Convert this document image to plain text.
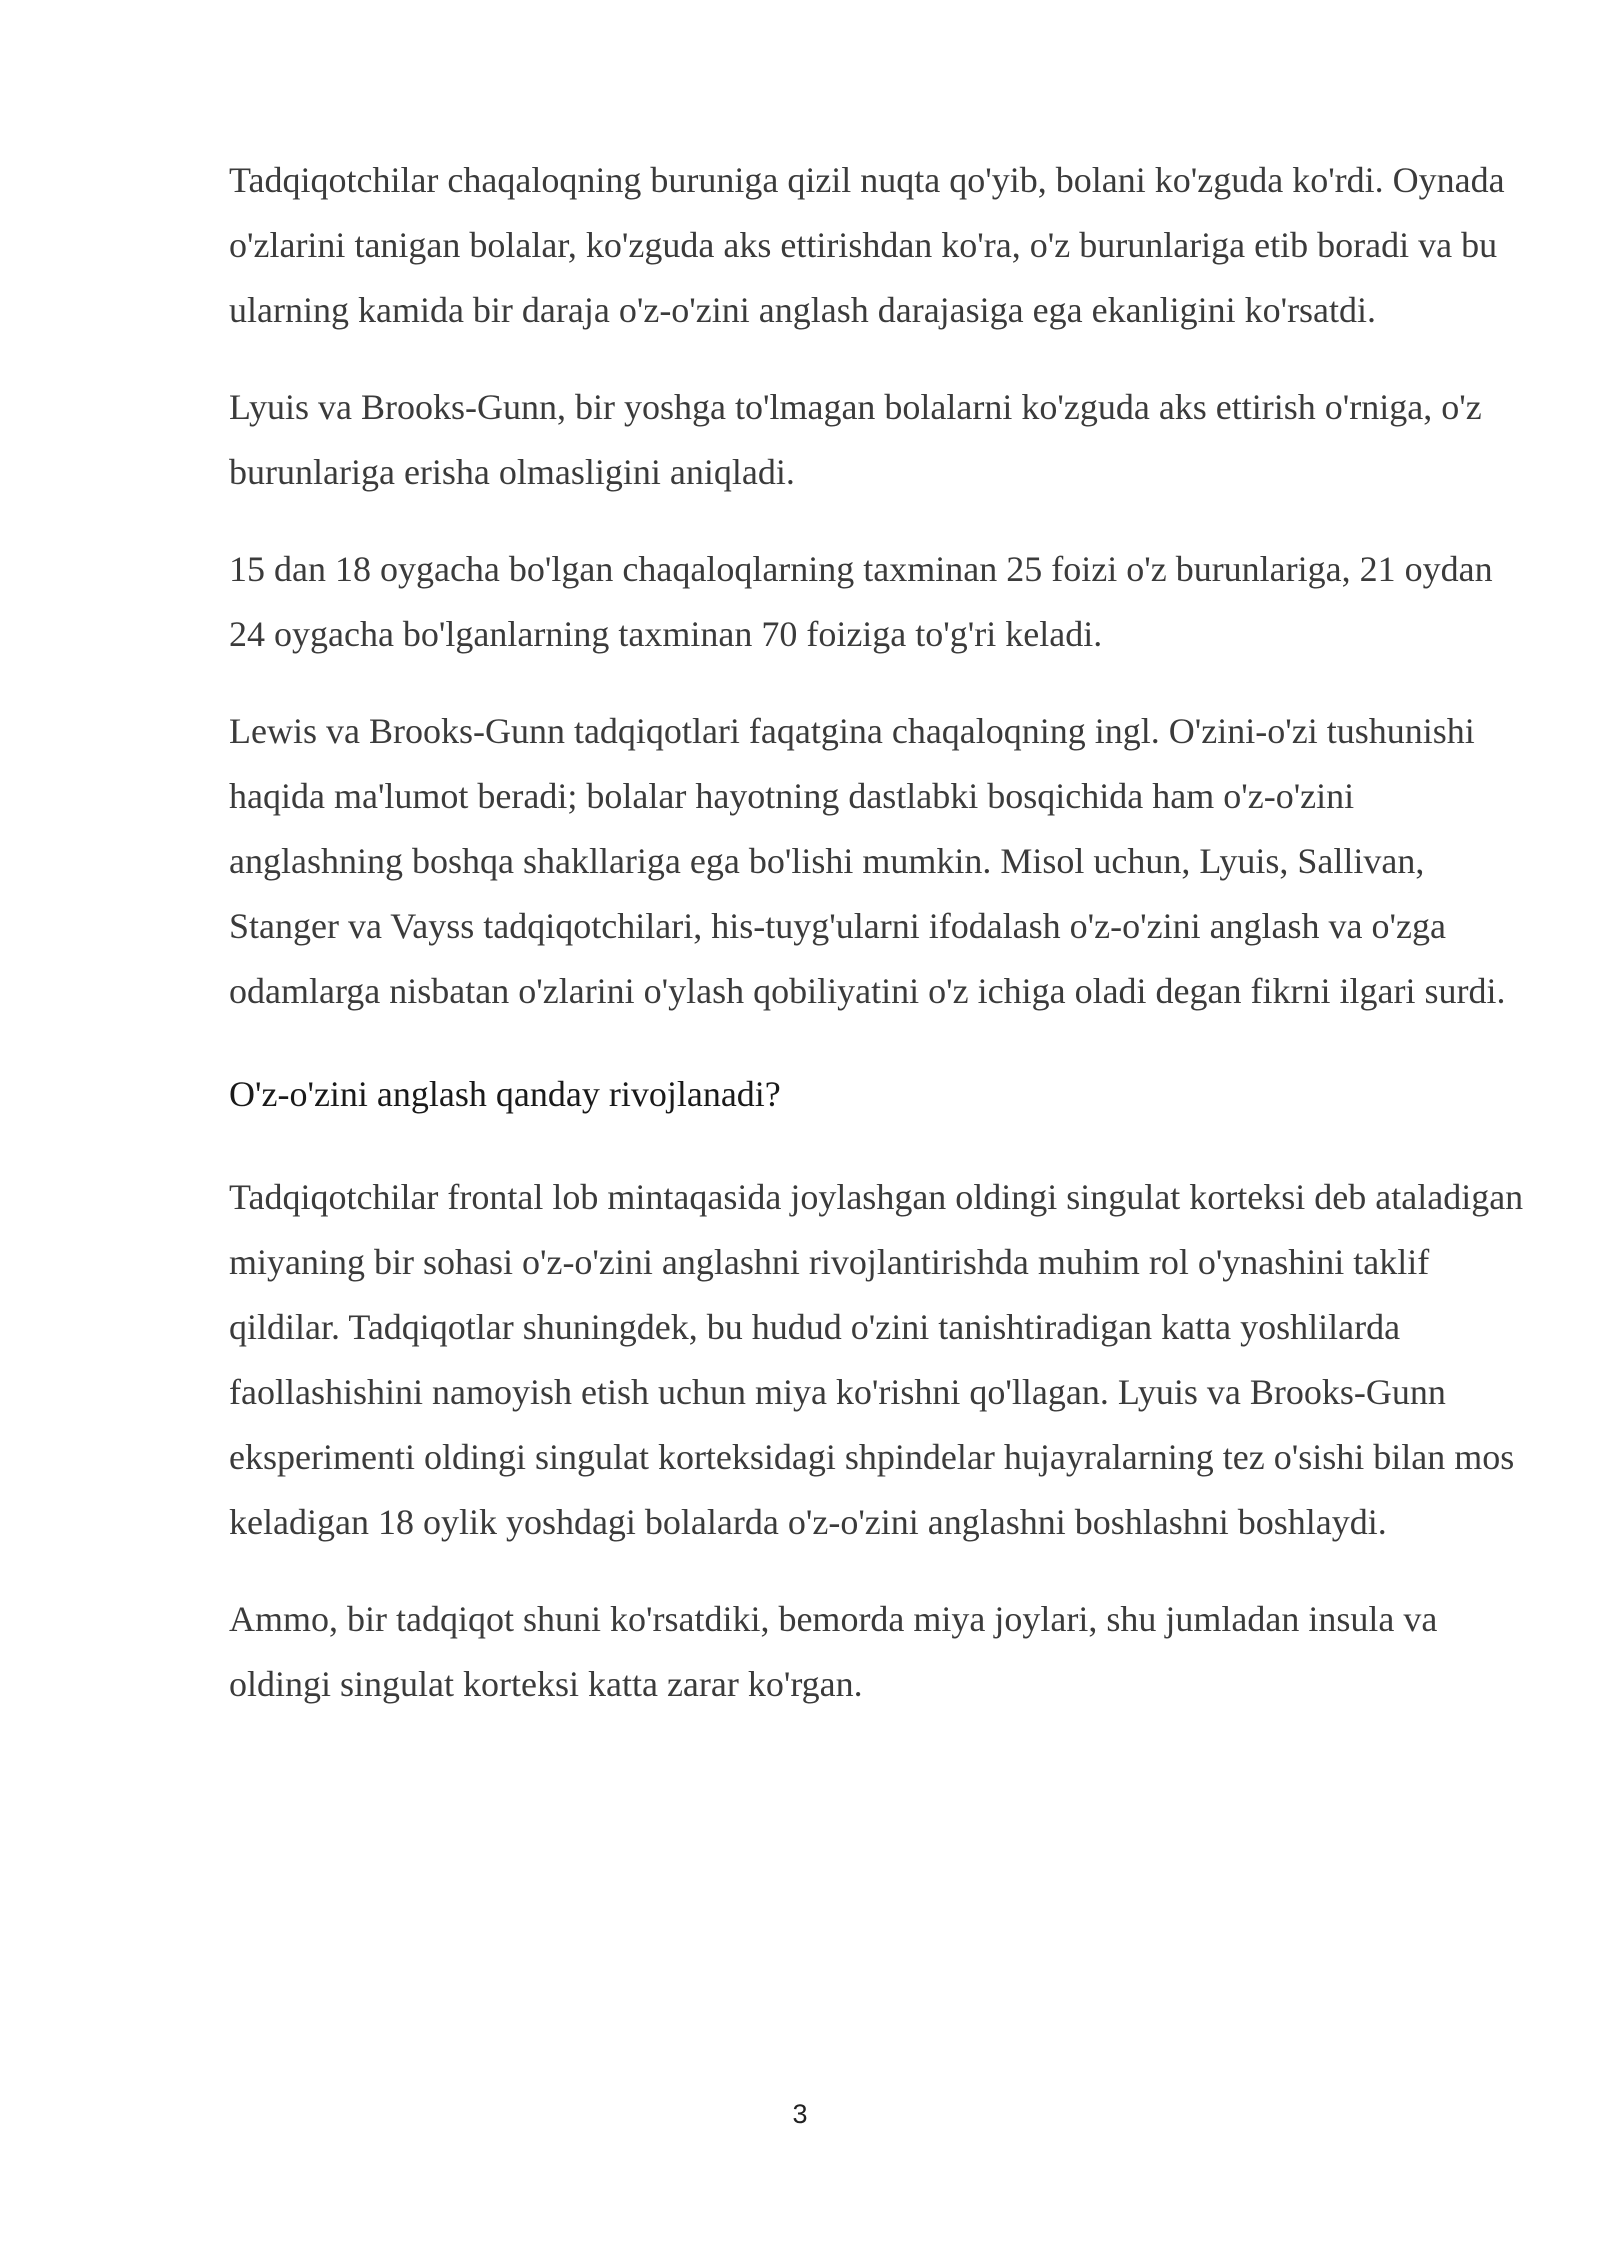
Tadqiqotchilar chaqaloqning buruniga qizil nuqta qo'yib, bolani ko'zguda ko'rdi. Oynada o'zlarini tanigan bolalar, ko'zguda aks ettirishdan ko'ra, o'z burunlariga etib boradi va bu ularning kamida bir daraja o'z-o'zini anglash darajasiga ega ekanligini ko'rsatdi.

Lyuis va Brooks-Gunn, bir yoshga to'lmagan bolalarni ko'zguda aks ettirish o'rniga, o'z burunlariga erisha olmasligini aniqladi.

15 dan 18 oygacha bo'lgan chaqaloqlarning taxminan 25 foizi o'z burunlariga, 21 oydan 24 oygacha bo'lganlarning taxminan 70 foiziga to'g'ri keladi.

Lewis va Brooks-Gunn tadqiqotlari faqatgina chaqaloqning ingl. O'zini-o'zi tushunishi haqida ma'lumot beradi; bolalar hayotning dastlabki bosqichida ham o'z-o'zini anglashning boshqa shakllariga ega bo'lishi mumkin. Misol uchun, Lyuis, Sallivan, Stanger va Vayss tadqiqotchilari, his-tuyg'ularni ifodalash o'z-o'zini anglash va o'zga odamlarga nisbatan o'zlarini o'ylash qobiliyatini o'z ichiga oladi degan fikrni ilgari surdi.

O'z-o'zini anglash qanday rivojlanadi?

Tadqiqotchilar frontal lob mintaqasida joylashgan oldingi singulat korteksi deb ataladigan miyaning bir sohasi o'z-o'zini anglashni rivojlantirishda muhim rol o'ynashini taklif qildilar. Tadqiqotlar shuningdek, bu hudud o'zini tanishtiradigan katta yoshlilarda faollashishini namoyish etish uchun miya ko'rishni qo'llagan. Lyuis va Brooks-Gunn eksperimenti oldingi singulat korteksidagi shpindelar hujayralarning tez o'sishi bilan mos keladigan 18 oylik yoshdagi bolalarda o'z-o'zini anglashni boshlashni boshlaydi.

Ammo, bir tadqiqot shuni ko'rsatdiki, bemorda miya joylari, shu jumladan insula va oldingi singulat korteksi katta zarar ko'rgan.

3
